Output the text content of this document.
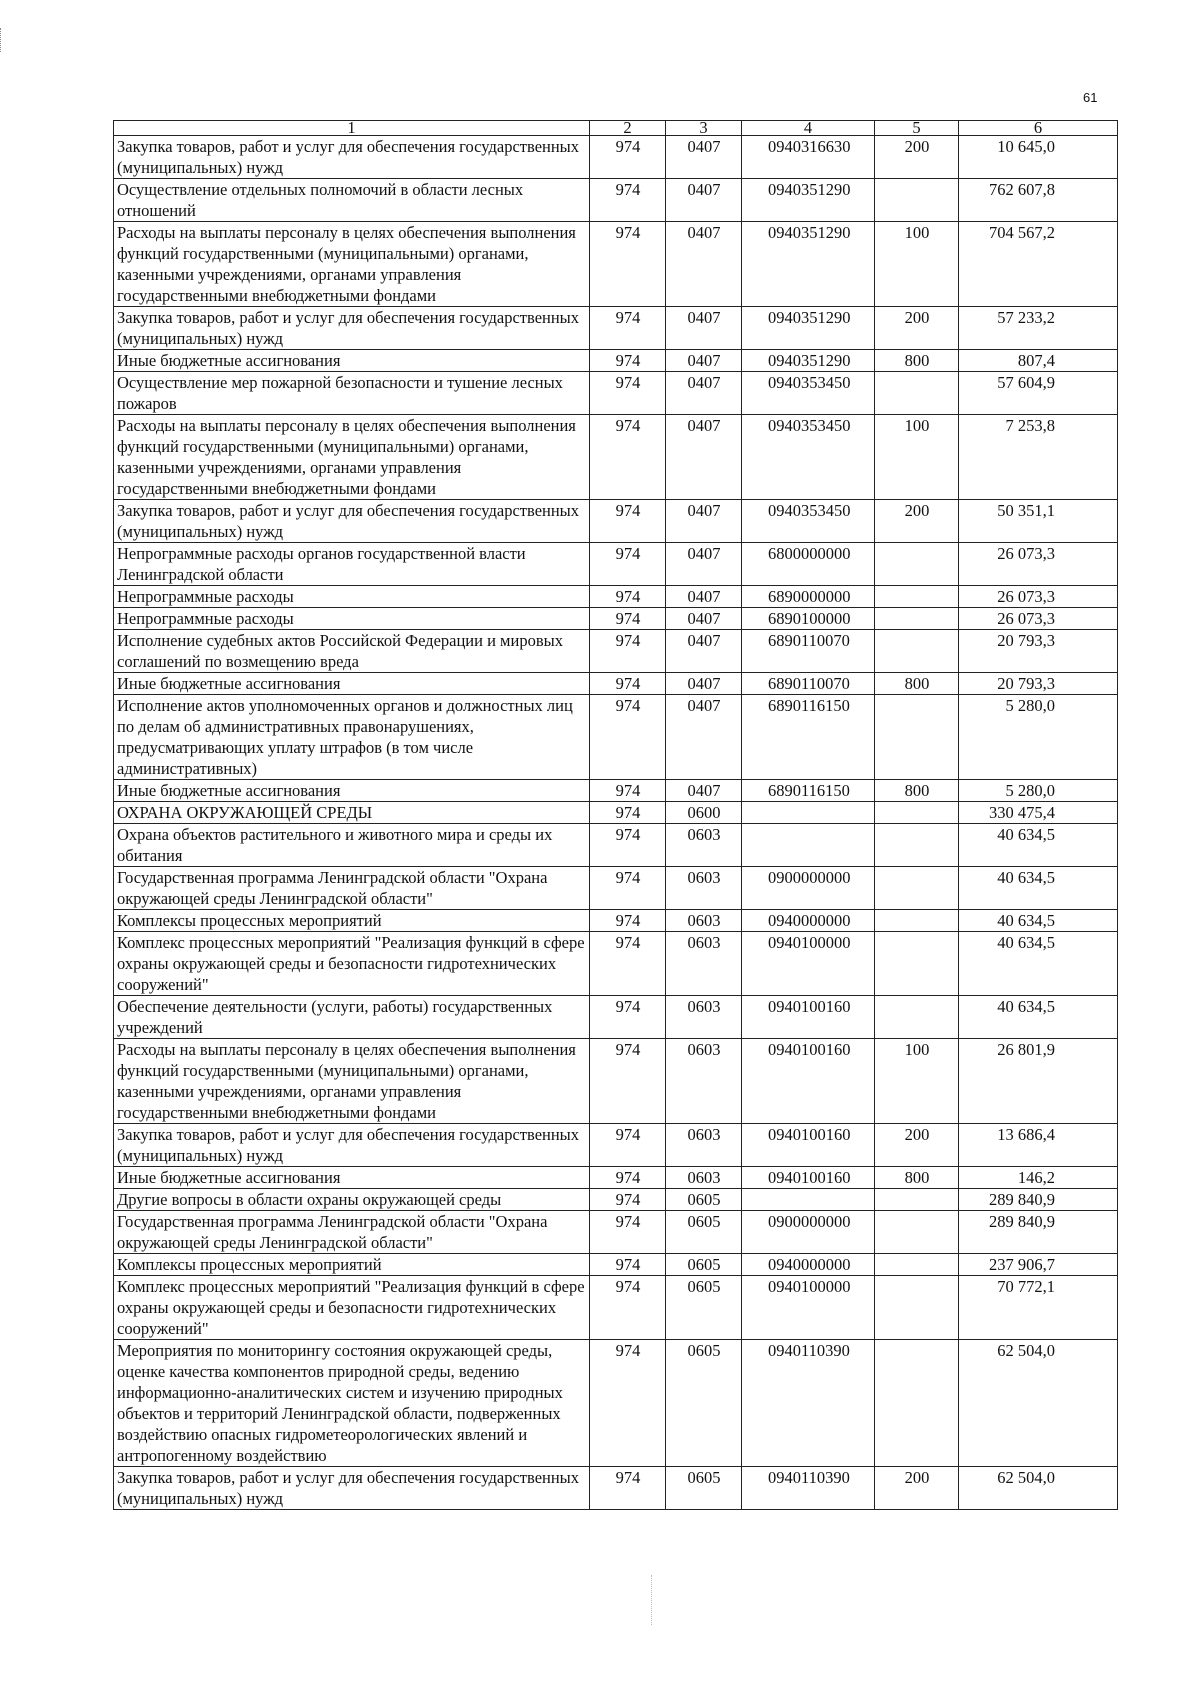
61
1	2	3	4	5	6
Закупка товаров, работ и услуг для обеспечения государственных (муниципальных) нужд	974	0407	0940316630	200	10 645,0
Осуществление отдельных полномочий в области лесных отношений	974	0407	0940351290		762 607,8
Расходы на выплаты персоналу в целях обеспечения выполнения функций государственными (муниципальными) органами, казенными учреждениями, органами управления государственными внебюджетными фондами	974	0407	0940351290	100	704 567,2
Закупка товаров, работ и услуг для обеспечения государственных (муниципальных) нужд	974	0407	0940351290	200	57 233,2
Иные бюджетные ассигнования	974	0407	0940351290	800	807,4
Осуществление мер пожарной безопасности и тушение лесных пожаров	974	0407	0940353450		57 604,9
Расходы на выплаты персоналу в целях обеспечения выполнения функций государственными (муниципальными) органами, казенными учреждениями, органами управления государственными внебюджетными фондами	974	0407	0940353450	100	7 253,8
Закупка товаров, работ и услуг для обеспечения государственных (муниципальных) нужд	974	0407	0940353450	200	50 351,1
Непрограммные расходы органов государственной власти Ленинградской области	974	0407	6800000000		26 073,3
Непрограммные расходы	974	0407	6890000000		26 073,3
Непрограммные расходы	974	0407	6890100000		26 073,3
Исполнение судебных актов Российской Федерации и мировых соглашений по возмещению вреда	974	0407	6890110070		20 793,3
Иные бюджетные ассигнования	974	0407	6890110070	800	20 793,3
Исполнение актов уполномоченных органов и должностных лиц по делам об административных правонарушениях, предусматривающих уплату штрафов (в том числе административных)	974	0407	6890116150		5 280,0
Иные бюджетные ассигнования	974	0407	6890116150	800	5 280,0
ОХРАНА ОКРУЖАЮЩЕЙ СРЕДЫ	974	0600			330 475,4
Охрана объектов растительного и животного мира и среды их обитания	974	0603			40 634,5
Государственная программа Ленинградской области "Охрана окружающей среды Ленинградской области"	974	0603	0900000000		40 634,5
Комплексы процессных мероприятий	974	0603	0940000000		40 634,5
Комплекс процессных мероприятий "Реализация функций в сфере охраны окружающей среды и безопасности гидротехнических сооружений"	974	0603	0940100000		40 634,5
Обеспечение деятельности (услуги, работы) государственных учреждений	974	0603	0940100160		40 634,5
Расходы на выплаты персоналу в целях обеспечения выполнения функций государственными (муниципальными) органами, казенными учреждениями, органами управления государственными внебюджетными фондами	974	0603	0940100160	100	26 801,9
Закупка товаров, работ и услуг для обеспечения государственных (муниципальных) нужд	974	0603	0940100160	200	13 686,4
Иные бюджетные ассигнования	974	0603	0940100160	800	146,2
Другие вопросы в области охраны окружающей среды	974	0605			289 840,9
Государственная программа Ленинградской области "Охрана окружающей среды Ленинградской области"	974	0605	0900000000		289 840,9
Комплексы процессных мероприятий	974	0605	0940000000		237 906,7
Комплекс процессных мероприятий "Реализация функций в сфере охраны окружающей среды и безопасности гидротехнических сооружений"	974	0605	0940100000		70 772,1
Мероприятия по мониторингу состояния окружающей среды, оценке качества компонентов природной среды, ведению информационно-аналитических систем и изучению природных объектов и территорий Ленинградской области, подверженных воздействию опасных гидрометеорологических явлений и антропогенному воздействию	974	0605	0940110390		62 504,0
Закупка товаров, работ и услуг для обеспечения государственных (муниципальных) нужд	974	0605	0940110390	200	62 504,0
